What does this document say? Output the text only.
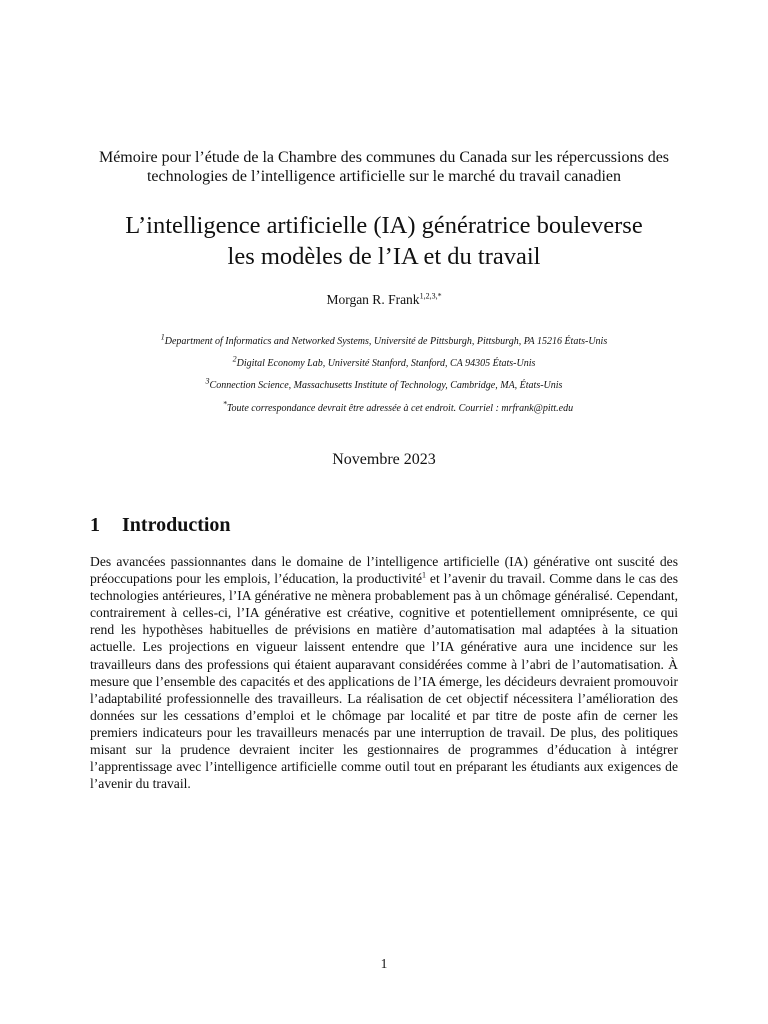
Mémoire pour l’étude de la Chambre des communes du Canada sur les répercussions des technologies de l’intelligence artificielle sur le marché du travail canadien
L’intelligence artificielle (IA) génératrice bouleverse
les modèles de l’IA et du travail
Morgan R. Frank$^{1,2,3,*}$
$^1$Department of Informatics and Networked Systems, Université de Pittsburgh, Pittsburgh, PA 15216 États-Unis
$^2$Digital Economy Lab, Université Stanford, Stanford, CA 94305 États-Unis
$^3$Connection Science, Massachusetts Institute of Technology, Cambridge, MA, États-Unis
*Toute correspondance devrait être adressée à cet endroit. Courriel : mrfrank@pitt.edu
Novembre 2023
1 Introduction
Des avancées passionnantes dans le domaine de l’intelligence artificielle (IA) générative ont suscité des préoccupations pour les emplois, l’éducation, la productivité$^1$ et l’avenir du travail. Comme dans le cas des technologies antérieures, l’IA générative ne mènera probablement pas à un chômage généralisé. Cependant, contrairement à celles-ci, l’IA générative est créative, cognitive et potentiellement omniprésente, ce qui rend les hypothèses habituelles de prévisions en matière d’automatisation mal adaptées à la situation actuelle. Les projections en vigueur laissent entendre que l’IA générative aura une incidence sur les travailleurs dans des professions qui étaient auparavant considérées comme à l’abri de l’automatisation. À mesure que l’ensemble des capacités et des applications de l’IA émerge, les décideurs devraient promouvoir l’adaptabilité professionnelle des travailleurs. La réalisation de cet objectif nécessitera l’amélioration des données sur les cessations d’emploi et le chômage par localité et par titre de poste afin de cerner les premiers indicateurs pour les travailleurs menacés par une interruption de travail. De plus, des politiques misant sur la prudence devraient inciter les gestionnaires de programmes d’éducation à intégrer l’apprentissage avec l’intelligence artificielle comme outil tout en préparant les étudiants aux exigences de l’avenir du travail.
1
